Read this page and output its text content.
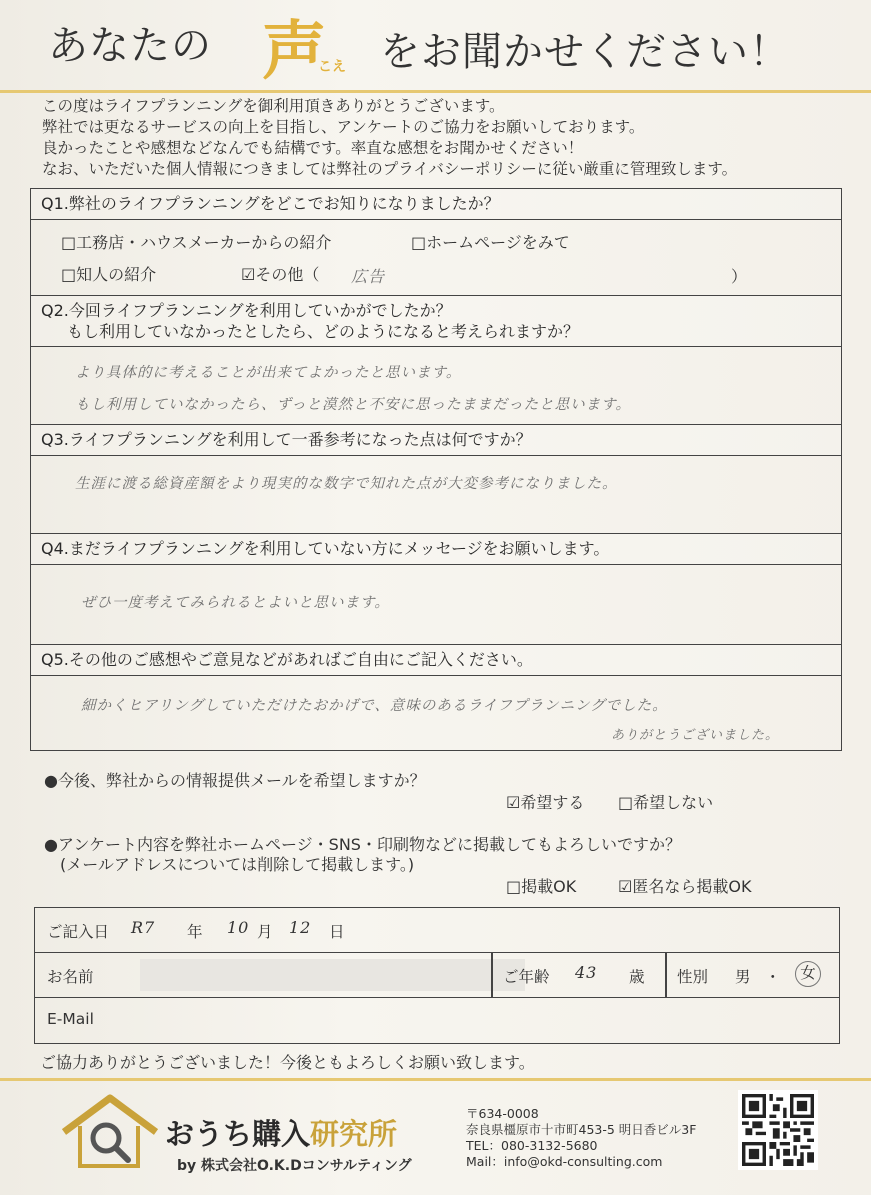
あなたの 声
こえ をお聞かせください！
この度はライフプランニングを御利用頂きありがとうございます。
弊社では更なるサービスの向上を目指し、アンケートのご協力をお願いしております。
良かったことや感想などなんでも結構です。率直な感想をお聞かせください！
なお、いただいた個人情報につきましては弊社のプライバシーポリシーに従い厳重に管理致します。
Q1.弊社のライフプランニングをどこでお知りになりましたか？
□工務店・ハウスメーカーからの紹介	□ホームページをみて
□知人の紹介	☑その他（ 広告	）
Q2.今回ライフプランニングを利用していかがでしたか？
もし利用していなかったとしたら、どのようになると考えられますか？
より具体的に考えることが出来てよかったと思います。
もし利用していなかったら、ずっと漠然と不安に思ったままだったと思います。
Q3.ライフプランニングを利用して一番参考になった点は何ですか？
生涯に渡る総資産額をより現実的な数字で知れた点が大変参考になりました。
Q4.まだライフプランニングを利用していない方にメッセージをお願いします。
ぜひ一度考えてみられるとよいと思います。
Q5.その他のご感想やご意見などがあればご自由にご記入ください。
細かくヒアリングしていただけたおかげで、意味のあるライフプランニングでした。
ありがとうございました。
●今後、弊社からの情報提供メールを希望しますか？
☑希望する □希望しない
●アンケート内容を弊社ホームページ・SNS・印刷物などに掲載してもよろしいですか？
(メールアドレスについては削除して掲載します。)
□掲載OK	☑匿名なら掲載OK
ご記入日 R7 年 10 月 12 日
お名前	ご年齢 43 歳 性別 男 ・	女
E-Mail
ご協力ありがとうございました！今後ともよろしくお願い致します。
おうち購入研究所
by 株式会社O.K.Dコンサルティング
〒634-0008
奈良県橿原市十市町453-5 明日香ビル3F
TEL：080-3132-5680
Mail：info@okd-consulting.com
